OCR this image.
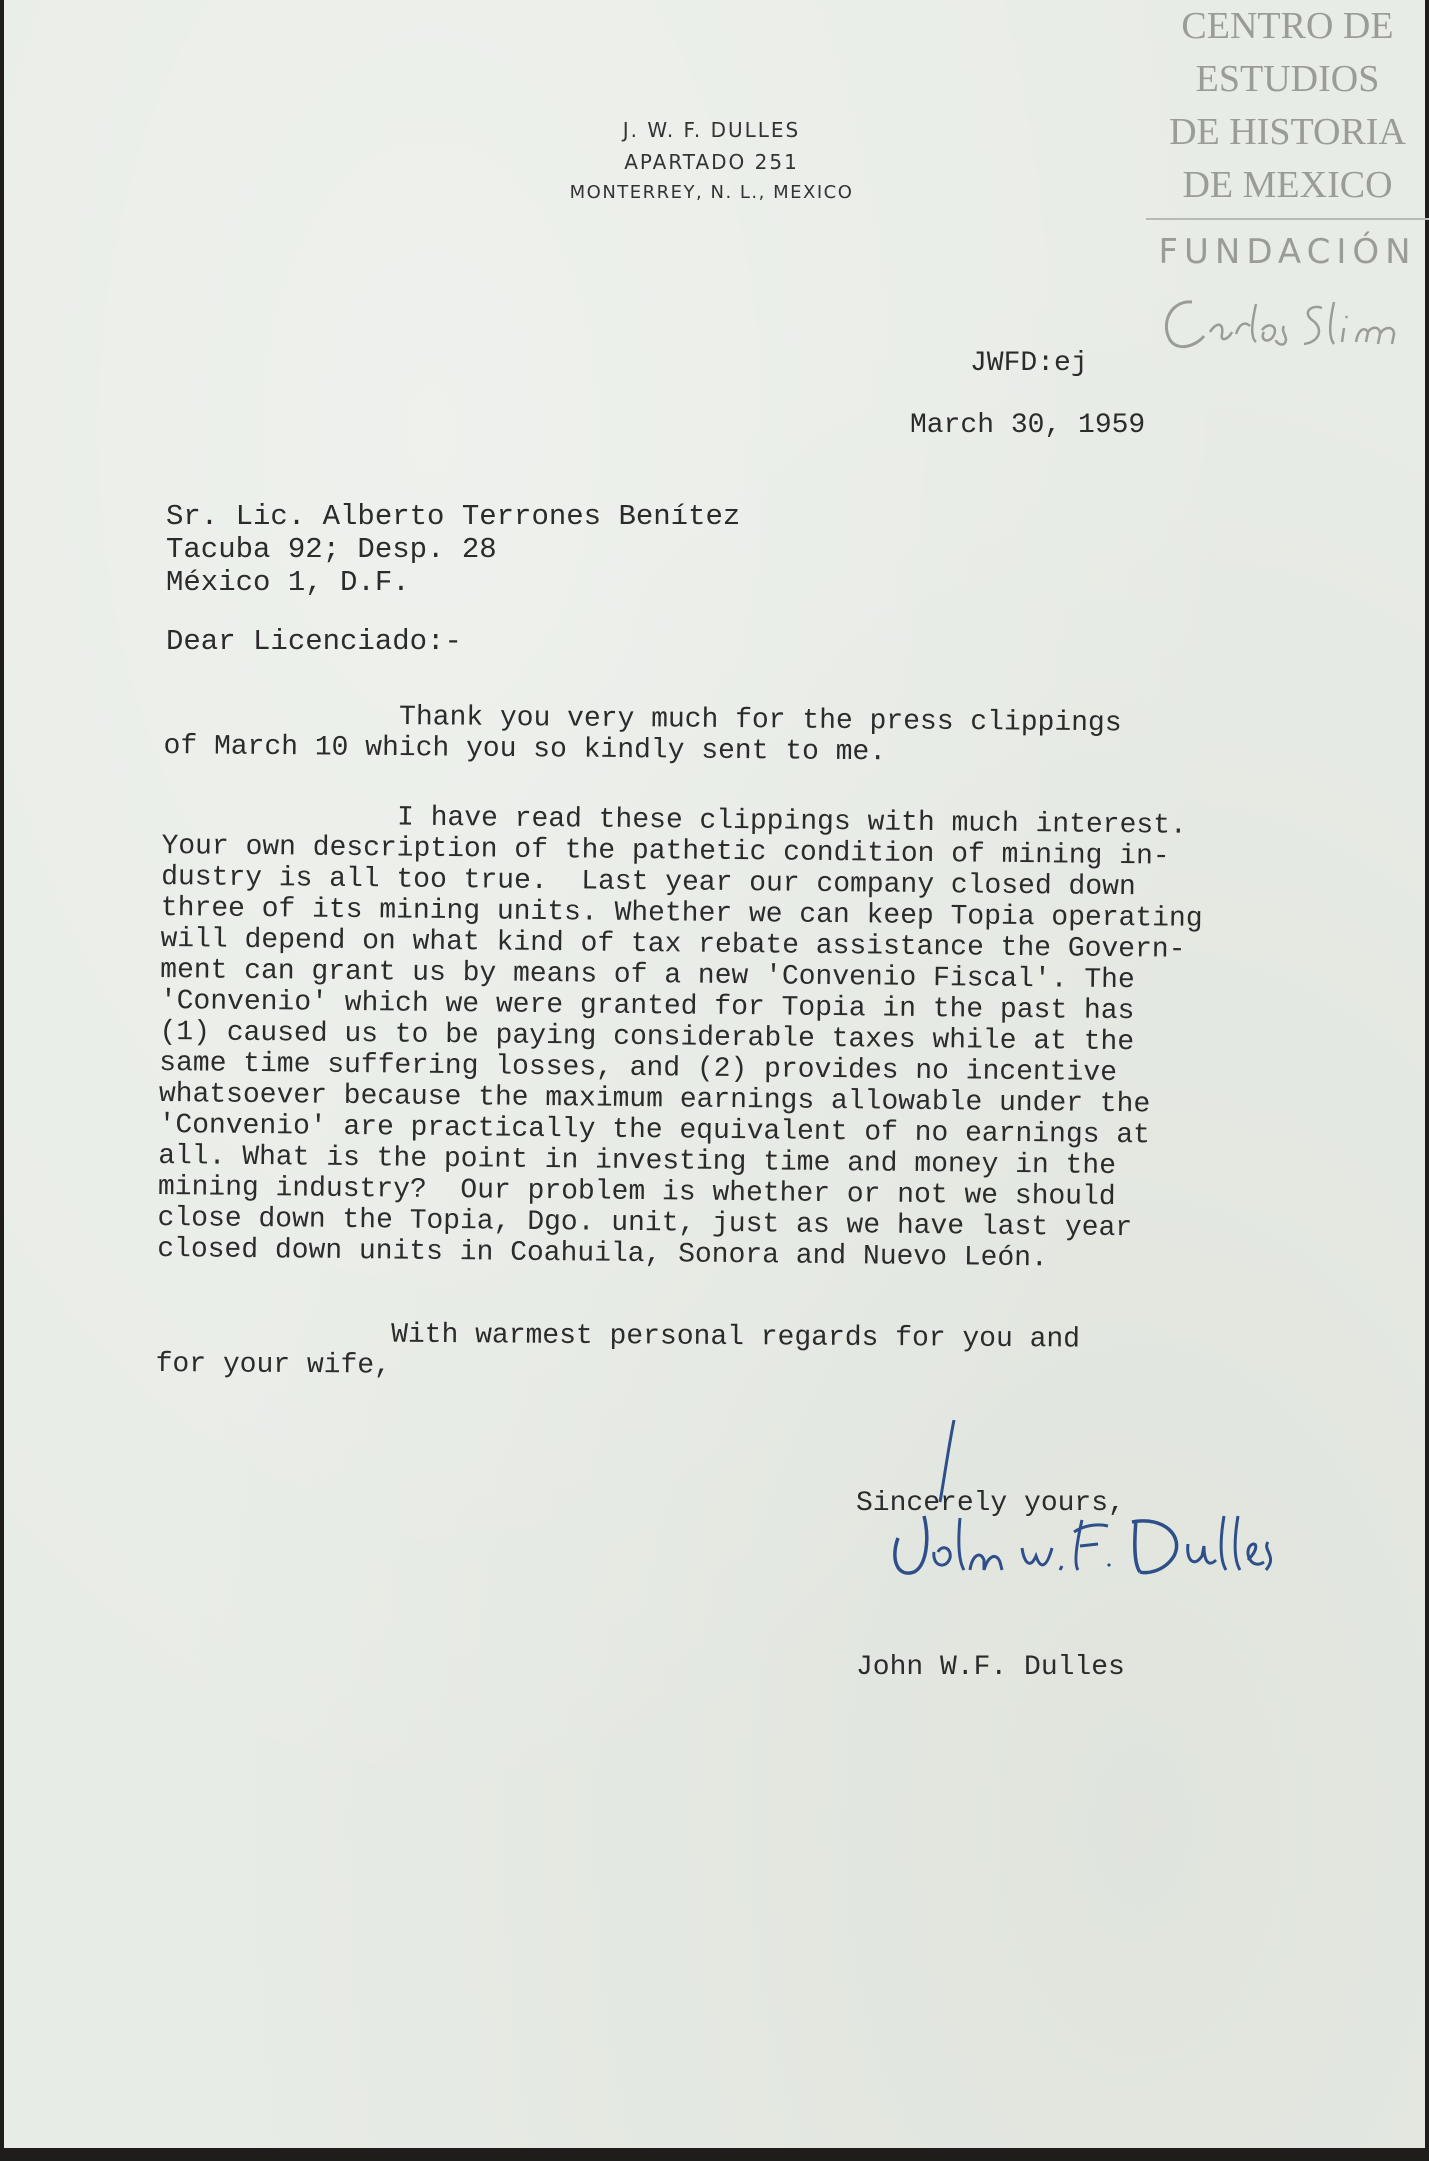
J. W. F. DULLES
APARTADO 251
MONTERREY, N. L., MEXICO
CENTRO DE
ESTUDIOS
DE HISTORIA
DE MEXICO
FUNDACIÓN
JWFD:ej
March 30, 1959
Sr. Lic. Alberto Terrones Benítez
Tacuba 92; Desp. 28
México 1, D.F.
Dear Licenciado:-
Thank you very much for the press clippings
of March 10 which you so kindly sent to me.
I have read these clippings with much interest.
Your own description of the pathetic condition of mining in-
dustry is all too true.  Last year our company closed down
three of its mining units. Whether we can keep Topia operating
will depend on what kind of tax rebate assistance the Govern-
ment can grant us by means of a new 'Convenio Fiscal'. The
'Convenio' which we were granted for Topia in the past has
(1) caused us to be paying considerable taxes while at the
same time suffering losses, and (2) provides no incentive
whatsoever because the maximum earnings allowable under the
'Convenio' are practically the equivalent of no earnings at
all. What is the point in investing time and money in the
mining industry?  Our problem is whether or not we should
close down the Topia, Dgo. unit, just as we have last year
closed down units in Coahuila, Sonora and Nuevo León.
With warmest personal regards for you and
for your wife,
Sincerely yours,
John W.F. Dulles
